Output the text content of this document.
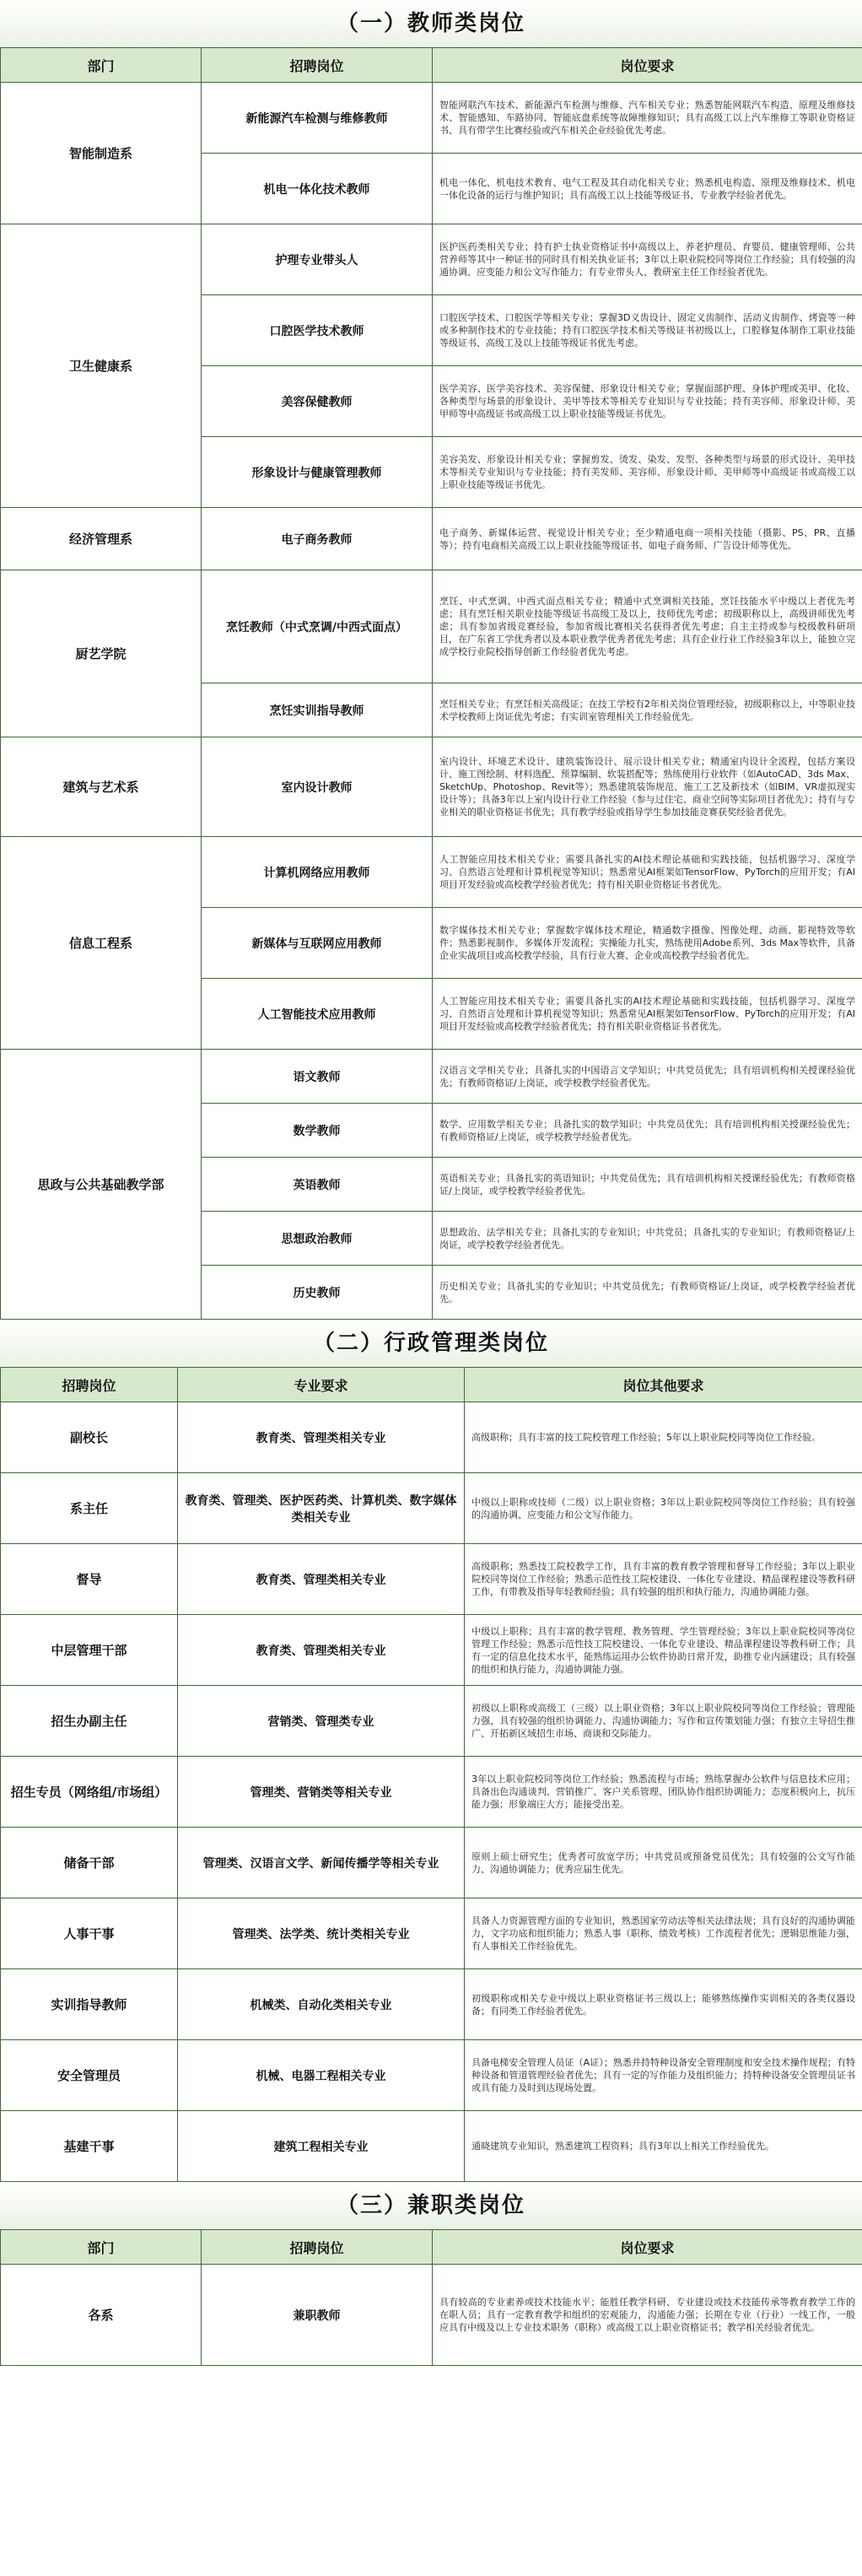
（一）教师类岗位
部门	招聘岗位	岗位要求
智能制造系	新能源汽车检测与维修教师	智能网联汽车技术、新能源汽车检测与维修、汽车相关专业；熟悉智能网联汽车构造、原理及维修技术、智能感知、车路协同、智能底盘系统等故障维修知识；具有高级工以上汽车维修工等职业资格证书、具有带学生比赛经验或汽车相关企业经验优先考虑。
	机电一体化技术教师	机电一体化、机电技术教育、电气工程及其自动化相关专业；熟悉机电构造、原理及维修技术、机电一体化设备的运行与维护知识；具有高级工以上技能等级证书、专业教学经验者优先。
卫生健康系	护理专业带头人	医护医药类相关专业；持有护士执业资格证书中高级以上，养老护理员、育婴员、健康管理师、公共营养师等其中一种证书的同时具有相关执业证书；3年以上职业院校同等岗位工作经验；具有较强的沟通协调、应变能力和公文写作能力；有专业带头人、教研室主任工作经验者优先。
	口腔医学技术教师	口腔医学技术、口腔医学等相关专业；掌握3D义齿设计、固定义齿制作、活动义齿制作、烤瓷等一种或多种制作技术的专业技能；持有口腔医学技术相关等级证书初级以上，口腔修复体制作工职业技能等级证书、高级工及以上技能等级证书优先考虑。
	美容保健教师	医学美容、医学美容技术、美容保健、形象设计相关专业；掌握面部护理、身体护理或美甲、化妆、各种类型与场景的形象设计、美甲等技术等相关专业知识与专业技能；持有美容师、形象设计师、美甲师等中高级证书或高级工以上职业技能等级证书优先。
	形象设计与健康管理教师	美容美发、形象设计相关专业；掌握剪发、烫发、染发、发型、各种类型与场景的形式设计、美甲技术等相关专业知识与专业技能；持有美发师、美容师、形象设计师、美甲师等中高级证书或高级工以上职业技能等级证书优先。
经济管理系	电子商务教师	电子商务、新媒体运营、视觉设计相关专业；至少精通电商一项相关技能（摄影、PS、PR、直播等）；持有电商相关高级工以上职业技能等级证书、如电子商务师、广告设计师等优先。
厨艺学院	烹饪教师（中式烹调/中西式面点）	烹饪、中式烹调、中西式面点相关专业；精通中式烹调相关技能，烹饪技能水平中级以上者优先考虑；具有烹饪相关职业技能等级证书高级工及以上，技师优先考虑；初级职称以上，高级讲师优先考虑；具有参加省级竞赛经验，参加省级比赛相关名获得者优先考虑；自主主持或参与校级教科研项目，在广东省工学优秀者以及本职业教学优秀者优先考虑；具有企业行业工作经验3年以上，能独立完成学校行业院校指导创新工作经验者优先考虑。
	烹饪实训指导教师	烹饪相关专业；有烹饪相关高级证；在技工学校有2年相关岗位管理经验，初级职称以上，中等职业技术学校教师上岗证优先考虑；有实训室管理相关工作经验优先。
建筑与艺术系	室内设计教师	室内设计、环境艺术设计、建筑装饰设计、展示设计相关专业；精通室内设计全流程，包括方案设计、施工图绘制、材料选配、预算编制、软装搭配等；熟练使用行业软件（如AutoCAD、3ds Max、SketchUp、Photoshop、Revit等）；熟悉建筑装饰规范、施工工艺及新技术（如BIM、VR虚拟现实设计等）；具备3年以上室内设计行业工作经验（参与过住宅、商业空间等实际项目者优先）；持有与专业相关的职业资格证书优先；具有教学经验或指导学生参加技能竞赛获奖经验者优先。
信息工程系	计算机网络应用教师	人工智能应用技术相关专业；需要具备扎实的AI技术理论基础和实践技能，包括机器学习、深度学习、自然语言处理和计算机视觉等知识；熟悉常见AI框架如TensorFlow、PyTorch的应用开发；有AI项目开发经验或高校教学经验者优先；持有相关职业资格证书者优先。
	新媒体与互联网应用教师	数字媒体技术相关专业；掌握数字媒体技术理论，精通数字摄像、图像处理、动画、影视特效等软件；熟悉影视制作、多媒体开发流程；实操能力扎实，熟练使用Adobe系列、3ds Max等软件，具备企业实战项目或高校教学经验，具有行业大赛、企业或高校教学经验者优先。
	人工智能技术应用教师	人工智能应用技术相关专业；需要具备扎实的AI技术理论基础和实践技能，包括机器学习、深度学习、自然语言处理和计算机视觉等知识；熟悉常见AI框架如TensorFlow、PyTorch的应用开发；有AI项目开发经验或高校教学经验者优先；持有相关职业资格证书者优先。
思政与公共基础教学部	语文教师	汉语言文学相关专业；具备扎实的中国语言文学知识；中共党员优先；具有培训机构相关授课经验优先；有教师资格证/上岗证，或学校教学经验者优先。
	数学教师	数学、应用数学相关专业；具备扎实的数学知识；中共党员优先；具有培训机构相关授课经验优先；有教师资格证/上岗证，或学校教学经验者优先。
	英语教师	英语相关专业；具备扎实的英语知识；中共党员优先；具有培训机构相关授课经验优先；有教师资格证/上岗证，或学校教学经验者优先。
	思想政治教师	思想政治、法学相关专业；具备扎实的专业知识；中共党员；具备扎实的专业知识；有教师资格证/上岗证，或学校教学经验者优先。
	历史教师	历史相关专业；具备扎实的专业知识；中共党员优先；有教师资格证/上岗证，或学校教学经验者优先。
（二）行政管理类岗位
招聘岗位	专业要求	岗位其他要求
副校长	教育类、管理类相关专业	高级职称；具有丰富的技工院校管理工作经验；5年以上职业院校同等岗位工作经验。
系主任	教育类、管理类、医护医药类、计算机类、数字媒体类相关专业	中级以上职称或技师（二级）以上职业资格；3年以上职业院校同等岗位工作经验；具有较强的沟通协调、应变能力和公文写作能力。
督导	教育类、管理类相关专业	高级职称；熟悉技工院校教学工作，具有丰富的教育教学管理和督导工作经验；3年以上职业院校同等岗位工作经验；熟悉示范性技工院校建设、一体化专业建设、精品课程建设等教科研工作，有带教及指导年轻教师经验；具有较强的组织和执行能力，沟通协调能力强。
中层管理干部	教育类、管理类相关专业	中级以上职称；具有丰富的教学管理、教务管理、学生管理经验；3年以上职业院校同等岗位管理工作经验；熟悉示范性技工院校建设、一体化专业建设、精品课程建设等教科研工作；具有一定的信息化技术水平，能熟练运用办公软件协助日常开发，助推专业内涵建设；具有较强的组织和执行能力，沟通协调能力强。
招生办副主任	营销类、管理类专业	初级以上职称或高级工（三级）以上职业资格；3年以上职业院校同等岗位工作经验；管理能力强，具有较强的组织协调能力、沟通协调能力；写作和宣传策划能力强；有独立主导招生推广、开拓新区域招生市场、商谈和交际能力。
招生专员（网络组/市场组）	管理类、营销类等相关专业	3年以上职业院校同等岗位工作经验；熟悉流程与市场；熟练掌握办公软件与信息技术应用；具备出色沟通谈判、营销推广、客户关系管理、团队协作组织协调能力；态度积极向上，抗压能力强；形象端庄大方；能接受出差。
储备干部	管理类、汉语言文学、新闻传播学等相关专业	原则上硕士研究生；优秀者可放宽学历；中共党员或预备党员优先；具有较强的公文写作能力、沟通协调能力；优秀应届生优先。
人事干事	管理类、法学类、统计类相关专业	具备人力资源管理方面的专业知识，熟悉国家劳动法等相关法律法规；具有良好的沟通协调能力，文字功底和组织能力；熟悉人事（职称、绩效考核）工作流程者优先；逻辑思维能力强，有人事相关工作经验优先。
实训指导教师	机械类、自动化类相关专业	初级职称或相关专业中级以上职业资格证书三级以上；能够熟练操作实训相关的各类仪器设备；有同类工作经验者优先。
安全管理员	机械、电器工程相关专业	具备电梯安全管理人员证（A证）；熟悉并持特种设备安全管理制度和安全技术操作规程；有特种设备和管道管理经验者优先；具有一定的写作能力及组织能力；持特种设备安全管理员证书或具有能力及时到达现场处置。
基建干事	建筑工程相关专业	通晓建筑专业知识，熟悉建筑工程资料；具有3年以上相关工作经验优先。
（三）兼职类岗位
部门	招聘岗位	岗位要求
各系	兼职教师	具有较高的专业素养或技术技能水平；能胜任教学科研、专业建设或技术技能传承等教育教学工作的在职人员；具有一定教育教学和组织的宏观能力，沟通能力强；长期在专业（行业）一线工作，一般应具有中级及以上专业技术职务（职称）或高级工以上职业资格证书；教学相关经验者优先。
